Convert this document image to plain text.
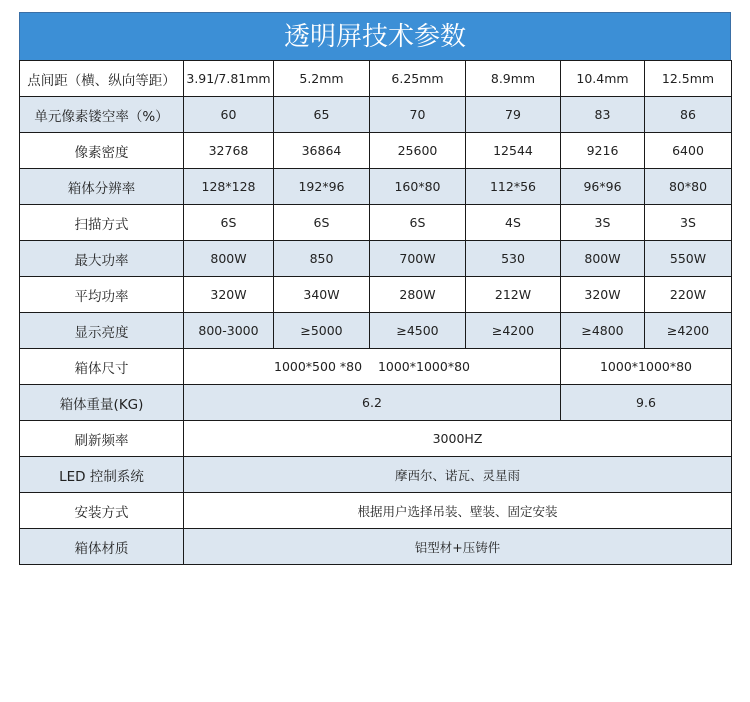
透明屏技术参数
点间距（横、纵向等距）	3.91/7.81mm	5.2mm	6.25mm	8.9mm	10.4mm	12.5mm
单元像素镂空率（%）	60	65	70	79	83	86
像素密度	32768	36864	25600	12544	9216	6400
箱体分辨率	128*128	192*96	160*80	112*56	96*96	80*80
扫描方式	6S	6S	6S	4S	3S	3S
最大功率	800W	850	700W	530	800W	550W
平均功率	320W	340W	280W	212W	320W	220W
显示亮度	800-3000	≥5000	≥4500	≥4200	≥4800	≥4200
箱体尺寸	1000*500 *80    1000*1000*80				1000*1000*80	
箱体重量(KG)	6.2				9.6	
刷新频率	3000HZ					
LED 控制系统	摩西尔、诺瓦、灵星雨					
安装方式	根据用户选择吊装、壁装、固定安装					
箱体材质	铝型材+压铸件					
